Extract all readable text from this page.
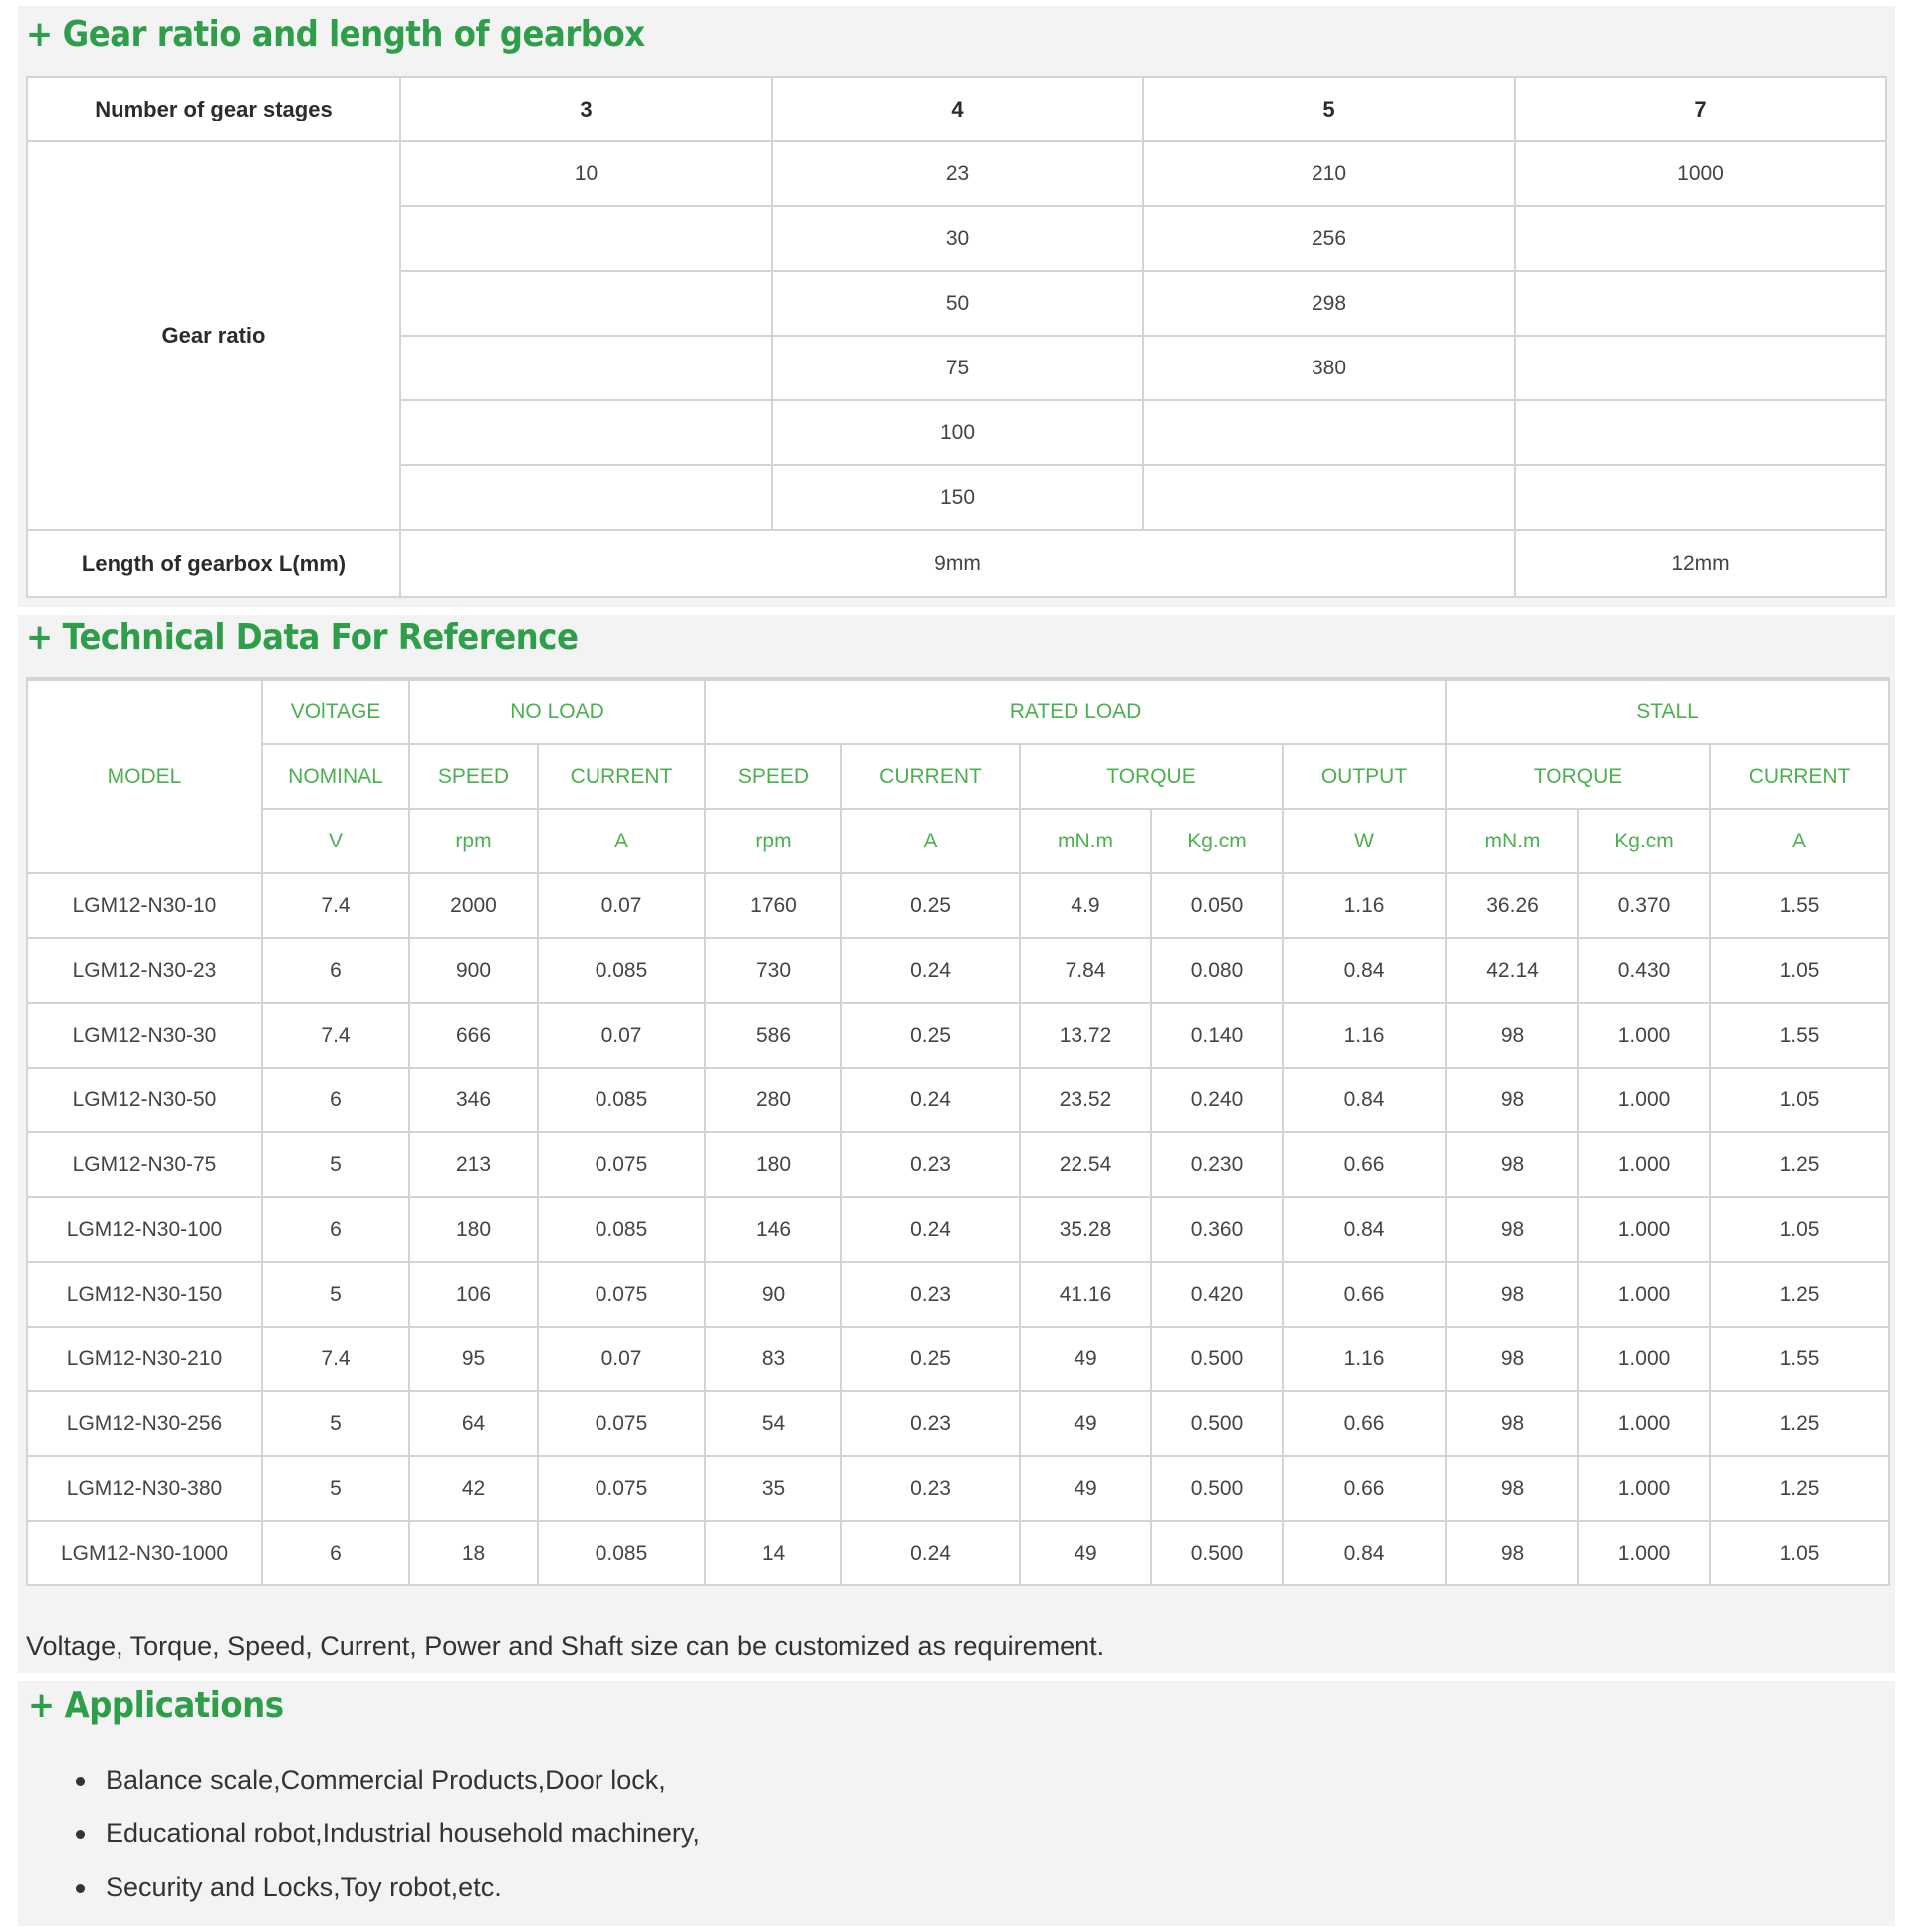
+ Gear ratio and length of gearbox
Number of gear stages	3	4	5	7
Gear ratio	10	23	210	1000
		30	256	
		50	298	
		75	380	
		100		
		150		
Length of gearbox L(mm)	9mm			12mm
+ Technical Data For Reference
MODEL	VOlTAGE	NO LOAD		RATED LOAD					STALL		
	NOMINAL	SPEED	CURRENT	SPEED	CURRENT	TORQUE		OUTPUT	TORQUE		CURRENT
	V	rpm	A	rpm	A	mN.m	Kg.cm	W	mN.m	Kg.cm	A
LGM12-N30-10	7.4	2000	0.07	1760	0.25	4.9	0.050	1.16	36.26	0.370	1.55
LGM12-N30-23	6	900	0.085	730	0.24	7.84	0.080	0.84	42.14	0.430	1.05
LGM12-N30-30	7.4	666	0.07	586	0.25	13.72	0.140	1.16	98	1.000	1.55
LGM12-N30-50	6	346	0.085	280	0.24	23.52	0.240	0.84	98	1.000	1.05
LGM12-N30-75	5	213	0.075	180	0.23	22.54	0.230	0.66	98	1.000	1.25
LGM12-N30-100	6	180	0.085	146	0.24	35.28	0.360	0.84	98	1.000	1.05
LGM12-N30-150	5	106	0.075	90	0.23	41.16	0.420	0.66	98	1.000	1.25
LGM12-N30-210	7.4	95	0.07	83	0.25	49	0.500	1.16	98	1.000	1.55
LGM12-N30-256	5	64	0.075	54	0.23	49	0.500	0.66	98	1.000	1.25
LGM12-N30-380	5	42	0.075	35	0.23	49	0.500	0.66	98	1.000	1.25
LGM12-N30-1000	6	18	0.085	14	0.24	49	0.500	0.84	98	1.000	1.05
Voltage, Torque, Speed, Current, Power and Shaft size can be customized as requirement.
+ Applications
Balance scale,Commercial Products,Door lock,
Educational robot,Industrial household machinery,
Security and Locks,Toy robot,etc.
